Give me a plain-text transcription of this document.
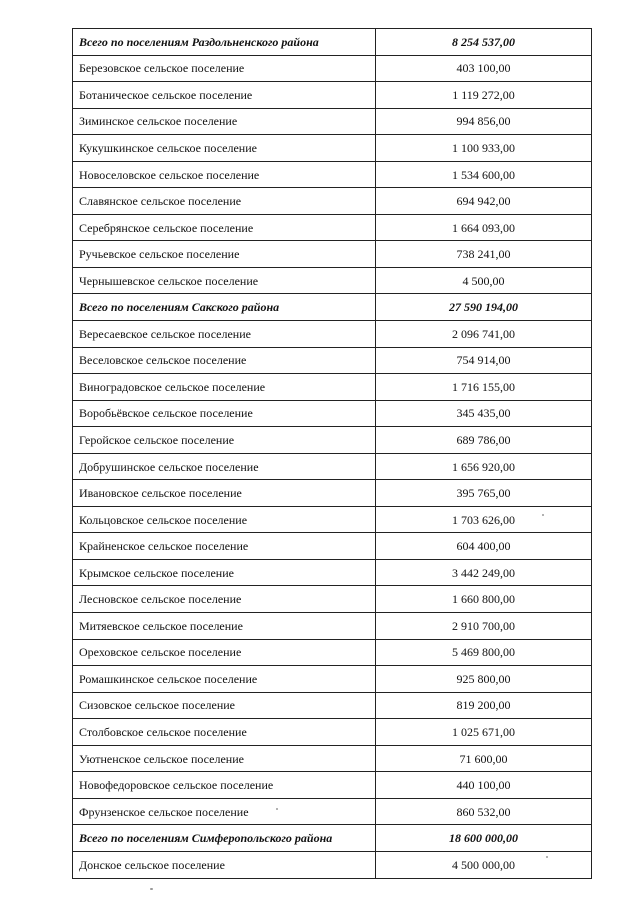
Всего по поселениям Раздольненского района	8 254 537,00
Березовское сельское поселение	403 100,00
Ботаническое сельское поселение	1 119 272,00
Зиминское сельское поселение	994 856,00
Кукушкинское сельское поселение	1 100 933,00
Новоселовское сельское поселение	1 534 600,00
Славянское сельское поселение	694 942,00
Серебрянское сельское поселение	1 664 093,00
Ручьевское сельское поселение	738 241,00
Чернышевское сельское поселение	4 500,00
Всего по поселениям Сакского района	27 590 194,00
Вересаевское сельское поселение	2 096 741,00
Веселовское сельское поселение	754 914,00
Виноградовское сельское поселение	1 716 155,00
Воробьёвское сельское поселение	345 435,00
Геройское сельское поселение	689 786,00
Добрушинское сельское поселение	1 656 920,00
Ивановское сельское поселение	395 765,00
Кольцовское сельское поселение	1 703 626,00
Крайненское сельское поселение	604 400,00
Крымское сельское поселение	3 442 249,00
Лесновское сельское поселение	1 660 800,00
Митяевское сельское поселение	2 910 700,00
Ореховское сельское поселение	5 469 800,00
Ромашкинское сельское поселение	925 800,00
Сизовское сельское поселение	819 200,00
Столбовское сельское поселение	1 025 671,00
Уютненское сельское поселение	71 600,00
Новофедоровское сельское поселение	440 100,00
Фрунзенское сельское поселение	860 532,00
Всего по поселениям Симферопольского района	18 600 000,00
Донское сельское поселение	4 500 000,00
